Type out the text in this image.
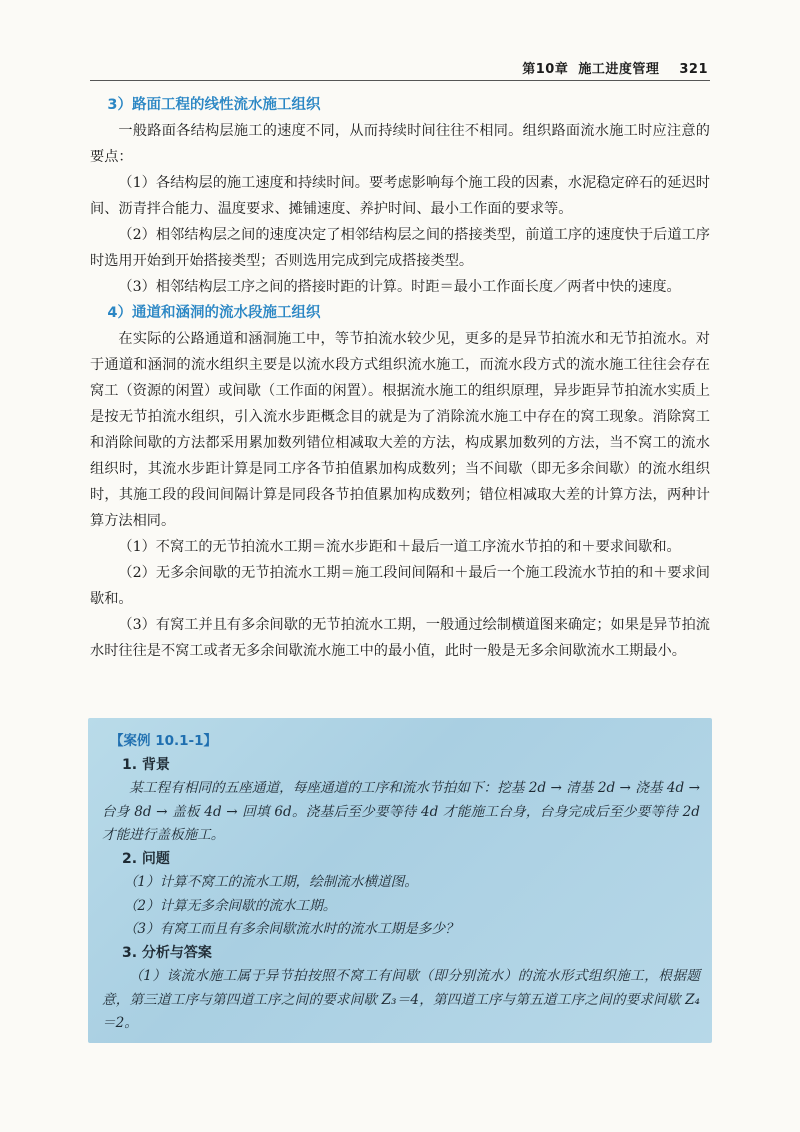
第10章 施工进度管理 321

3）路面工程的线性流水施工组织

一般路面各结构层施工的速度不同，从而持续时间往往不相同。组织路面流水施工时应注意的要点：

（1）各结构层的施工速度和持续时间。要考虑影响每个施工段的因素，水泥稳定碎石的延迟时间、沥青拌合能力、温度要求、摊铺速度、养护时间、最小工作面的要求等。

（2）相邻结构层之间的速度决定了相邻结构层之间的搭接类型，前道工序的速度快于后道工序时选用开始到开始搭接类型；否则选用完成到完成搭接类型。

（3）相邻结构层工序之间的搭接时距的计算。时距＝最小工作面长度／两者中快的速度。

4）通道和涵洞的流水段施工组织

在实际的公路通道和涵洞施工中，等节拍流水较少见，更多的是异节拍流水和无节拍流水。对于通道和涵洞的流水组织主要是以流水段方式组织流水施工，而流水段方式的流水施工往往会存在窝工（资源的闲置）或间歇（工作面的闲置）。根据流水施工的组织原理，异步距异节拍流水实质上是按无节拍流水组织，引入流水步距概念目的就是为了消除流水施工中存在的窝工现象。消除窝工和消除间歇的方法都采用累加数列错位相减取大差的方法，构成累加数列的方法，当不窝工的流水组织时，其流水步距计算是同工序各节拍值累加构成数列；当不间歇（即无多余间歇）的流水组织时，其施工段的段间间隔计算是同段各节拍值累加构成数列；错位相减取大差的计算方法，两种计算方法相同。

（1）不窝工的无节拍流水工期＝流水步距和＋最后一道工序流水节拍的和＋要求间歇和。

（2）无多余间歇的无节拍流水工期＝施工段间间隔和＋最后一个施工段流水节拍的和＋要求间歇和。

（3）有窝工并且有多余间歇的无节拍流水工期，一般通过绘制横道图来确定；如果是异节拍流水时往往是不窝工或者无多余间歇流水施工中的最小值，此时一般是无多余间歇流水工期最小。

【案例 10.1-1】
1. 背景

某工程有相同的五座通道，每座通道的工序和流水节拍如下：挖基 2d → 清基 2d → 浇基 4d → 台身 8d → 盖板 4d → 回填 6d。浇基后至少要等待 4d 才能施工台身，台身完成后至少要等待 2d 才能进行盖板施工。

2. 问题

（1）计算不窝工的流水工期，绘制流水横道图。

（2）计算无多余间歇的流水工期。

（3）有窝工而且有多余间歇流水时的流水工期是多少？

3. 分析与答案

（1）该流水施工属于异节拍按照不窝工有间歇（即分别流水）的流水形式组织施工，根据题意，第三道工序与第四道工序之间的要求间歇 Z₃＝4，第四道工序与第五道工序之间的要求间歇 Z₄＝2。
